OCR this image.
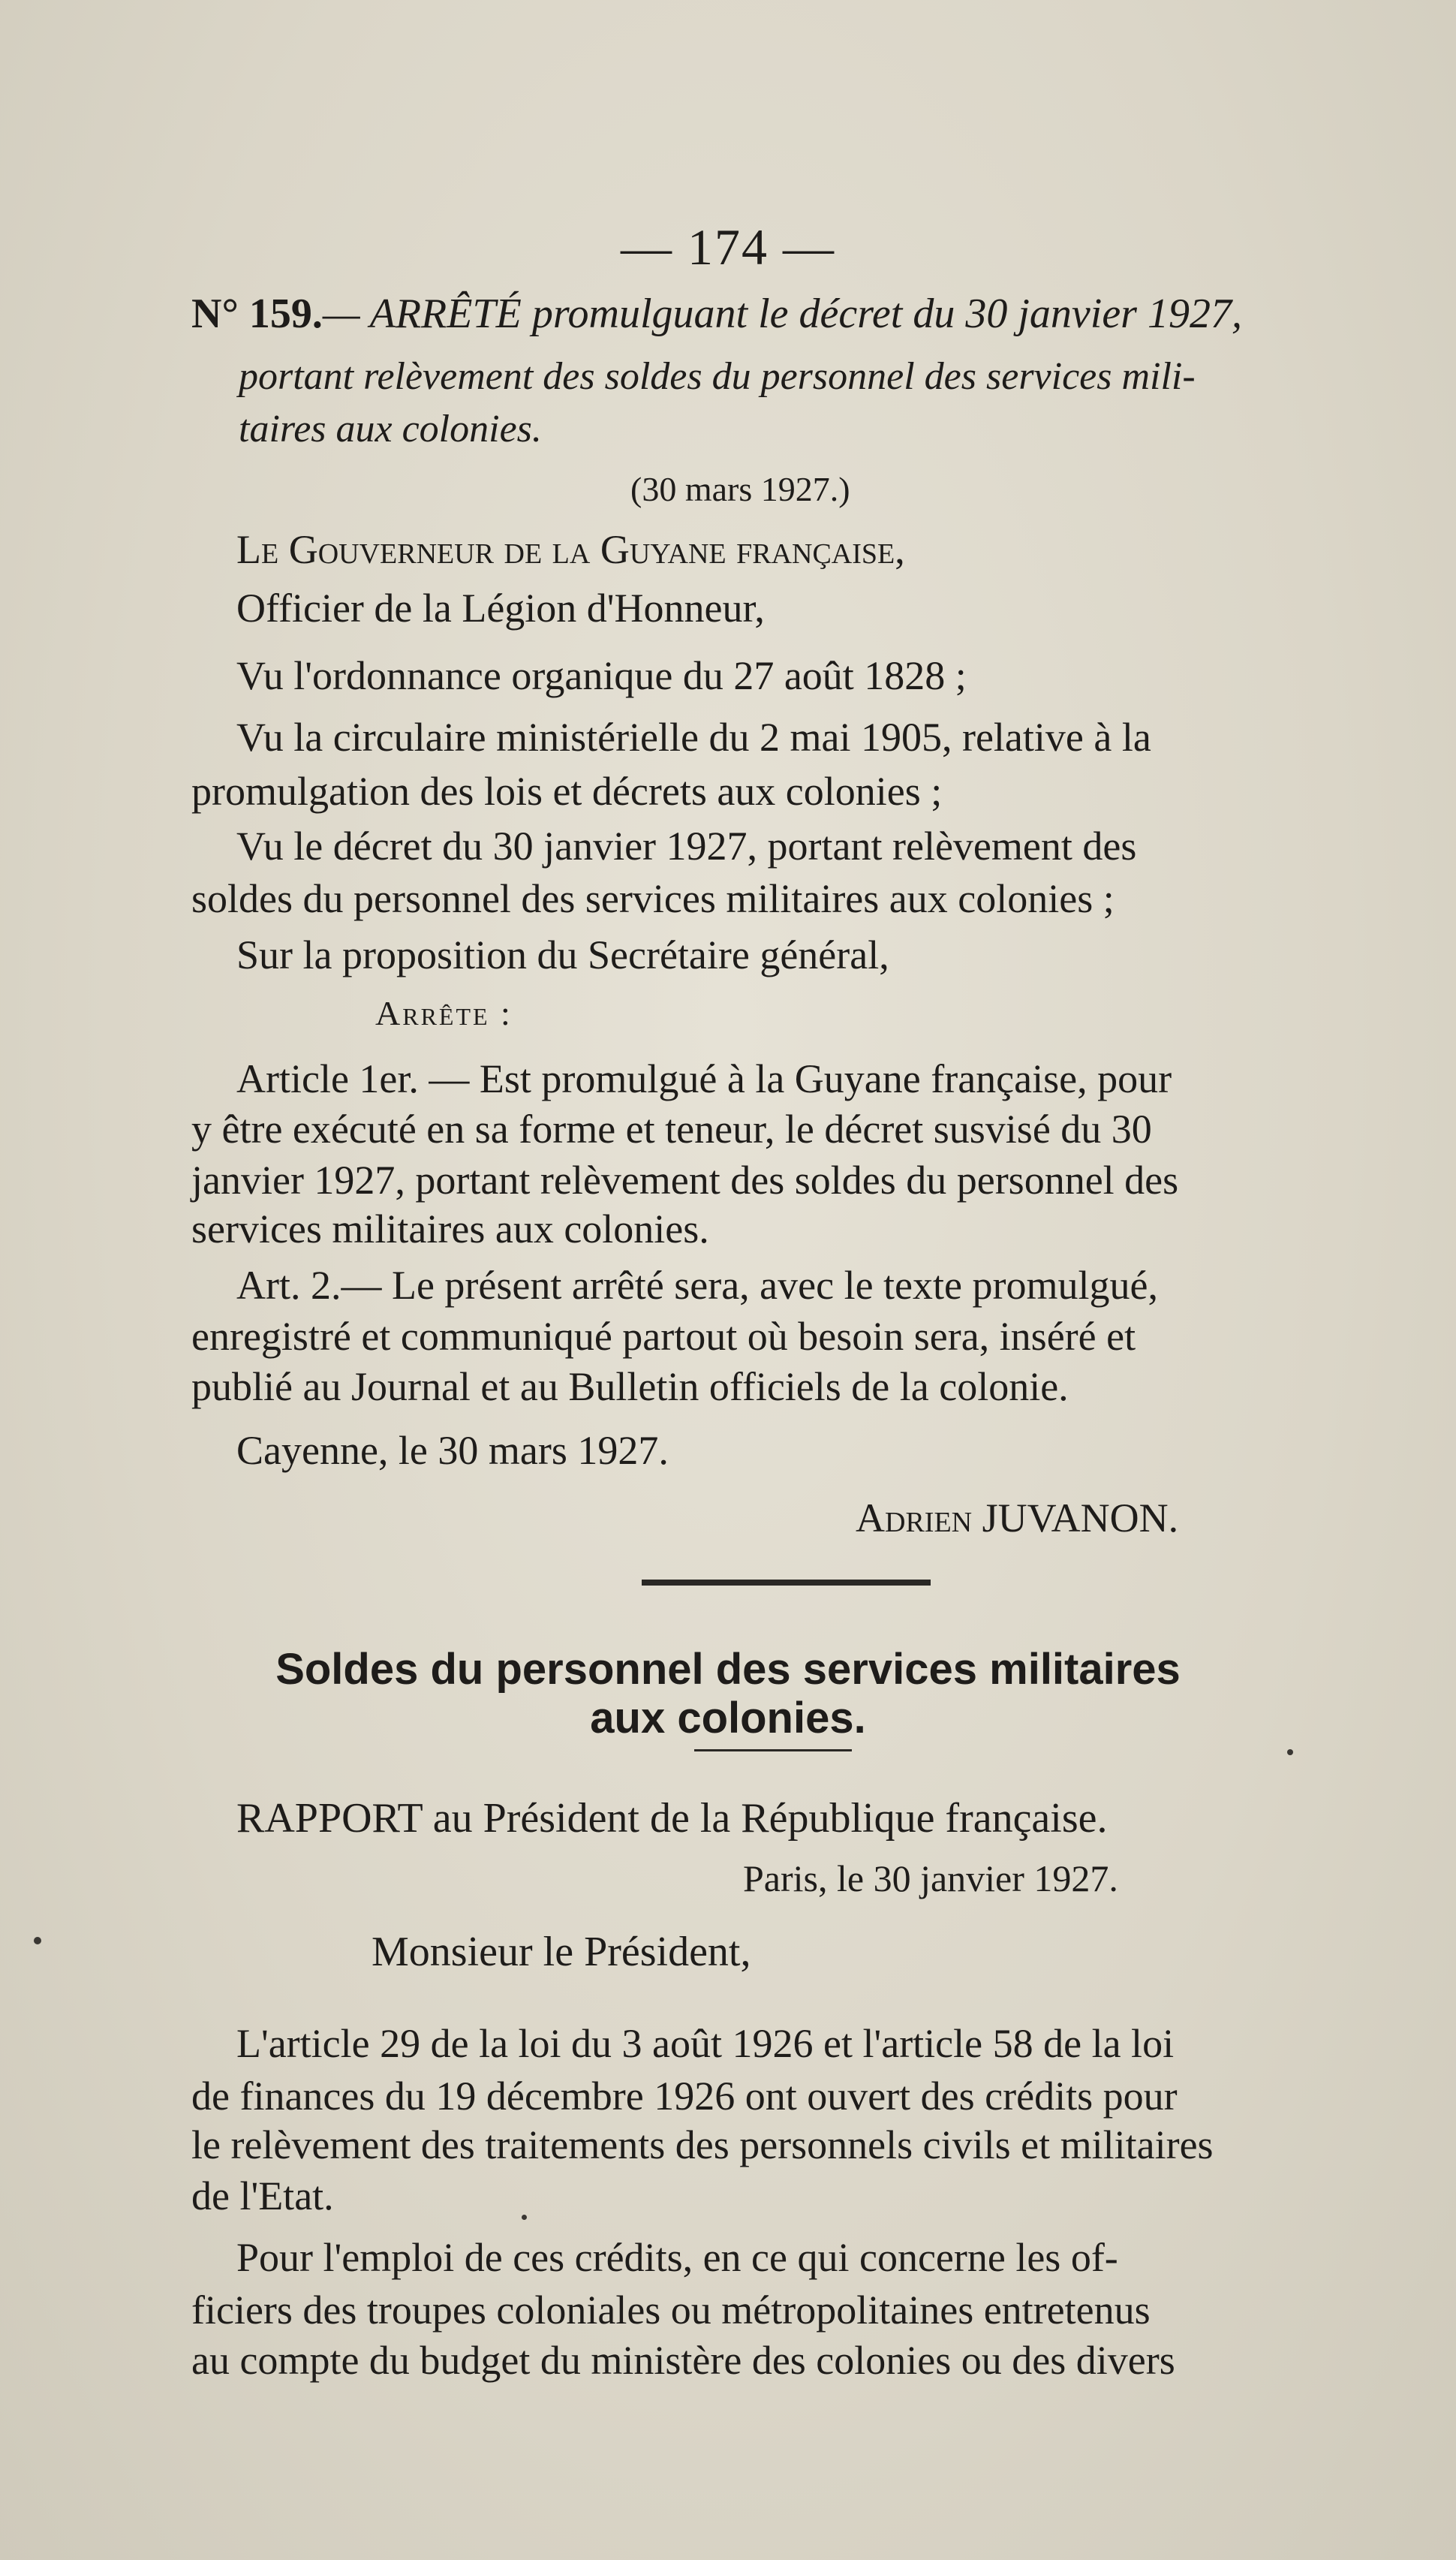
— 174 —
N° 159.— ARRÊTÉ promulguant le décret du 30 janvier 1927,
portant relèvement des soldes du personnel des services mili-
taires aux colonies.
(30 mars 1927.)
Le Gouverneur de la Guyane française,
Officier de la Légion d'Honneur,
Vu l'ordonnance organique du 27 août 1828 ;
Vu la circulaire ministérielle du 2 mai 1905, relative à la
promulgation des lois et décrets aux colonies ;
Vu le décret du 30 janvier 1927, portant relèvement des
soldes du personnel des services militaires aux colonies ;
Sur la proposition du Secrétaire général,
Arrête :
Article 1er. — Est promulgué à la Guyane française, pour
y être exécuté en sa forme et teneur, le décret susvisé du 30
janvier 1927, portant relèvement des soldes du personnel des
services militaires aux colonies.
Art. 2.— Le présent arrêté sera, avec le texte promulgué,
enregistré et communiqué partout où besoin sera, inséré et
publié au Journal et au Bulletin officiels de la colonie.
Cayenne, le 30 mars 1927.
Adrien JUVANON.
Soldes du personnel des services militaires
aux colonies.
RAPPORT au Président de la République française.
Paris, le 30 janvier 1927.
Monsieur le Président,
L'article 29 de la loi du 3 août 1926 et l'article 58 de la loi
de finances du 19 décembre 1926 ont ouvert des crédits pour
le relèvement des traitements des personnels civils et militaires
de l'Etat.
Pour l'emploi de ces crédits, en ce qui concerne les of-
ficiers des troupes coloniales ou métropolitaines entretenus
au compte du budget du ministère des colonies ou des divers
